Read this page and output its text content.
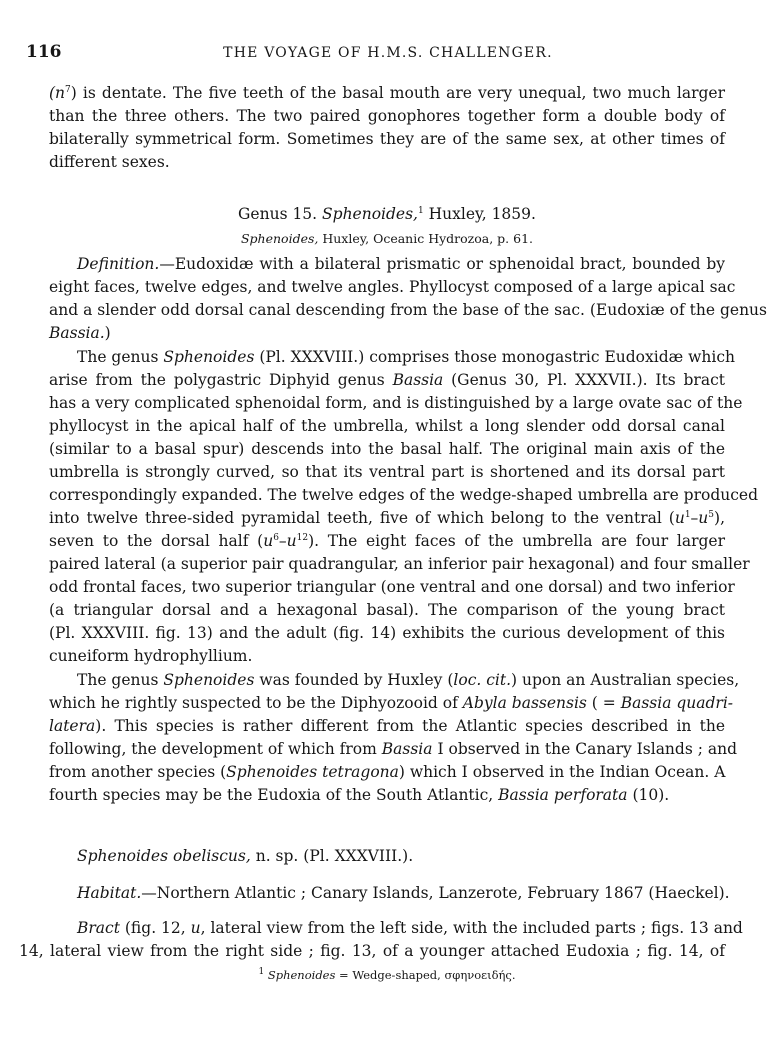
116	THE VOYAGE OF H.M.S. CHALLENGER.
$(n^7)$ is dentate. The five teeth of the basal mouth are very unequal, two much larger
than the three others. The two paired gonophores together form a double body of
bilaterally symmetrical form. Sometimes they are of the same sex, at other times of
different sexes.
Genus 15. Sphenoides,$^1$ Huxley, 1859.
Sphenoides, Huxley, Oceanic Hydrozoa, p. 61.
Definition.—Eudoxidæ with a bilateral prismatic or sphenoidal bract, bounded by
eight faces, twelve edges, and twelve angles. Phyllocyst composed of a large apical sac
and a slender odd dorsal canal descending from the base of the sac. (Eudoxiæ of the genus
Bassia.)
The genus Sphenoides (Pl. XXXVIII.) comprises those monogastric Eudoxidæ which
arise from the polygastric Diphyid genus Bassia (Genus 30, Pl. XXXVII.). Its bract
has a very complicated sphenoidal form, and is distinguished by a large ovate sac of the
phyllocyst in the apical half of the umbrella, whilst a long slender odd dorsal canal
(similar to a basal spur) descends into the basal half. The original main axis of the
umbrella is strongly curved, so that its ventral part is shortened and its dorsal part
correspondingly expanded. The twelve edges of the wedge-shaped umbrella are produced
into twelve three-sided pyramidal teeth, five of which belong to the ventral $(u^1-u^5)$,
seven to the dorsal half $(u^6-u^{12})$. The eight faces of the umbrella are four larger
paired lateral (a superior pair quadrangular, an inferior pair hexagonal) and four smaller
odd frontal faces, two superior triangular (one ventral and one dorsal) and two inferior
(a triangular dorsal and a hexagonal basal). The comparison of the young bract
(Pl. XXXVIII. fig. 13) and the adult (fig. 14) exhibits the curious development of this
cuneiform hydrophyllium.
The genus Sphenoides was founded by Huxley (loc. cit.) upon an Australian species,
which he rightly suspected to be the Diphyozooid of Abyla bassensis ( = Bassia quadri-
latera). This species is rather different from the Atlantic species described in the
following, the development of which from Bassia I observed in the Canary Islands ; and
from another species (Sphenoides tetragona) which I observed in the Indian Ocean. A
fourth species may be the Eudoxia of the South Atlantic, Bassia perforata (10).
Sphenoides obeliscus, n. sp. (Pl. XXXVIII.).
Habitat.—Northern Atlantic ; Canary Islands, Lanzerote, February 1867 (Haeckel).
Bract (fig. 12, u, lateral view from the left side, with the included parts ; figs. 13 and
14, lateral view from the right side ; fig. 13, of a younger attached Eudoxia ; fig. 14, of
$^1$ Sphenoides = Wedge-shaped, σφηνοειδής.
